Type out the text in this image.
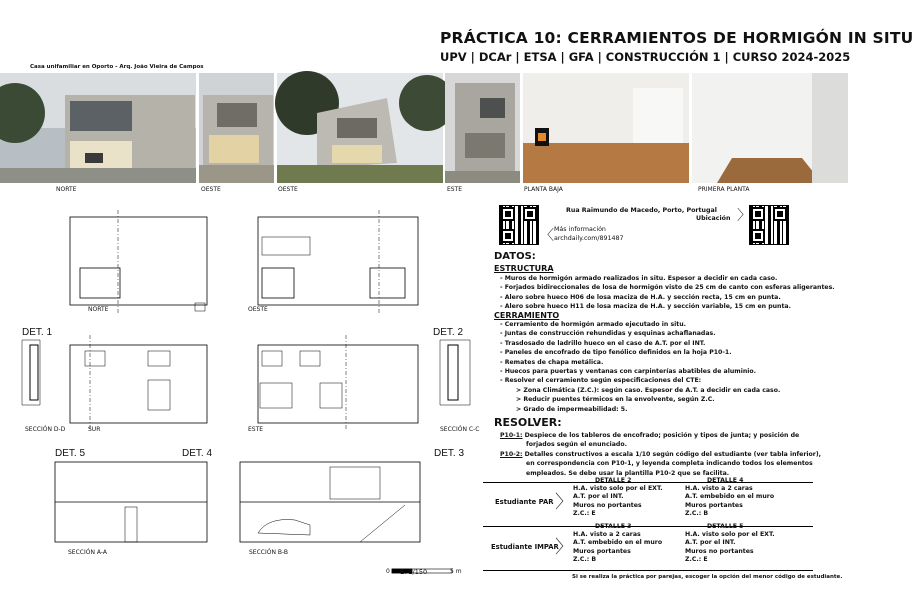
PRÁCTICA 10: CERRAMIENTOS DE HORMIGÓN IN SITU
UPV | DCAr | ETSA | GFA | CONSTRUCCIÓN 1 | CURSO 2024-2025
Casa unifamiliar en Oporto - Arq. João Vieira de Campos
NORTE	OESTE	OESTE	ESTE	PLANTA BAJA	PRIMERA PLANTA
Rua Raimundo de Macedo, Porto, Portugal
Ubicación
〈
〉
Más información
archdaily.com/891487
NORTE	OESTE
SUR	ESTE
SECCIÓN D-D	SECCIÓN C-C
SECCIÓN A-A	SECCIÓN B-B
DET. 1	DET. 2
DET. 3
DET. 4
DET. 5
0 E: 1/150	5 m
DATOS:
ESTRUCTURA
- Muros de hormigón armado realizados in situ. Espesor a decidir en cada caso.
- Forjados bidireccionales de losa de hormigón visto de 25 cm de canto con esferas aligerantes.
- Alero sobre hueco H06 de losa maciza de H.A. y sección recta, 15 cm en punta.
- Alero sobre hueco H11 de losa maciza de H.A. y sección variable, 15 cm en punta.
CERRAMIENTO
- Cerramiento de hormigón armado ejecutado in situ.
- Juntas de construcción rehundidas y esquinas achaflanadas.
- Trasdosado de ladrillo hueco en el caso de A.T. por el INT.
- Paneles de encofrado de tipo fenólico definidos en la hoja P10-1.
- Remates de chapa metálica.
- Huecos para puertas y ventanas con carpinterías abatibles de aluminio.
- Resolver el cerramiento según especificaciones del CTE:
> Zona Climática (Z.C.): según caso. Espesor de A.T. a decidir en cada caso.
> Reducir puentes térmicos en la envolvente, según Z.C.
> Grado de impermeabilidad: 5.
RESOLVER:
P10-1: Despiece de los tableros de encofrado; posición y tipos de junta; y posición de
forjados según el enunciado.
P10-2: Detalles constructivos a escala 1/10 según código del estudiante (ver tabla inferior),
en correspondencia con P10-1, y leyenda completa indicando todos los elementos
empleados. Se debe usar la plantilla P10-2 que se facilita.
Estudiante PAR 〉
DETALLE 2
H.A. visto solo por el EXT.
A.T. por el INT.
Muros no portantes
Z.C.: E
DETALLE 4
H.A. visto a 2 caras
A.T. embebido en el muro
Muros portantes
Z.C.: B
Estudiante IMPAR
〉
DETALLE 3
H.A. visto a 2 caras
A.T. embebido en el muro
Muros portantes
Z.C.: B
DETALLE 5
H.A. visto solo por el EXT.
A.T. por el INT.
Muros no portantes
Z.C.: E
Si se realiza la práctica por parejas, escoger la opción del menor código de estudiante.
